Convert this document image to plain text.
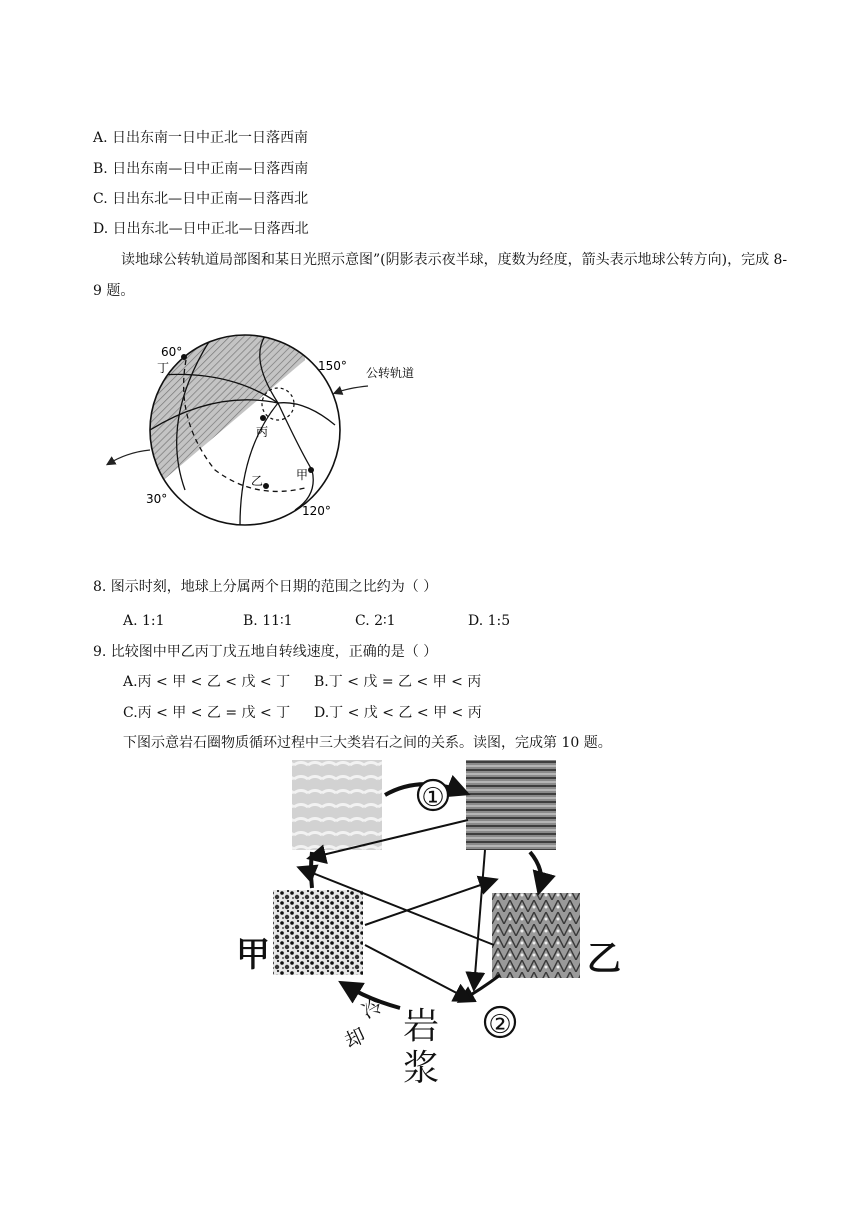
A. 日出东南一日中正北一日落西南
B. 日出东南—日中正南—日落西南
C. 日出东北—日中正南—日落西北
D. 日出东北—日中正北—日落西北
读地球公转轨道局部图和某日光照示意图”(阴影表示夜半球，度数为经度，箭头表示地球公转方向)，完成 8-9 题。
60°
丁	150°
丙
乙	甲
30°
120°
公转轨道
8. 图示时刻，地球上分属两个日期的范围之比约为（ ）
A. 1:1	B. 11∶1	C. 2∶1	D. 1:5
9. 比较图中甲乙丙丁戊五地自转线速度，正确的是（ ）
A.丙 < 甲 < 乙 < 戊 < 丁 B.丁 < 戊 = 乙 < 甲 < 丙
C.丙 < 甲 < 乙 = 戊 < 丁 D.丁 < 戊 < 乙 < 甲 < 丙
下图示意岩石圈物质循环过程中三大类岩石之间的关系。读图，完成第 10 题。
①
②
甲	乙
岩
浆
冷
却
